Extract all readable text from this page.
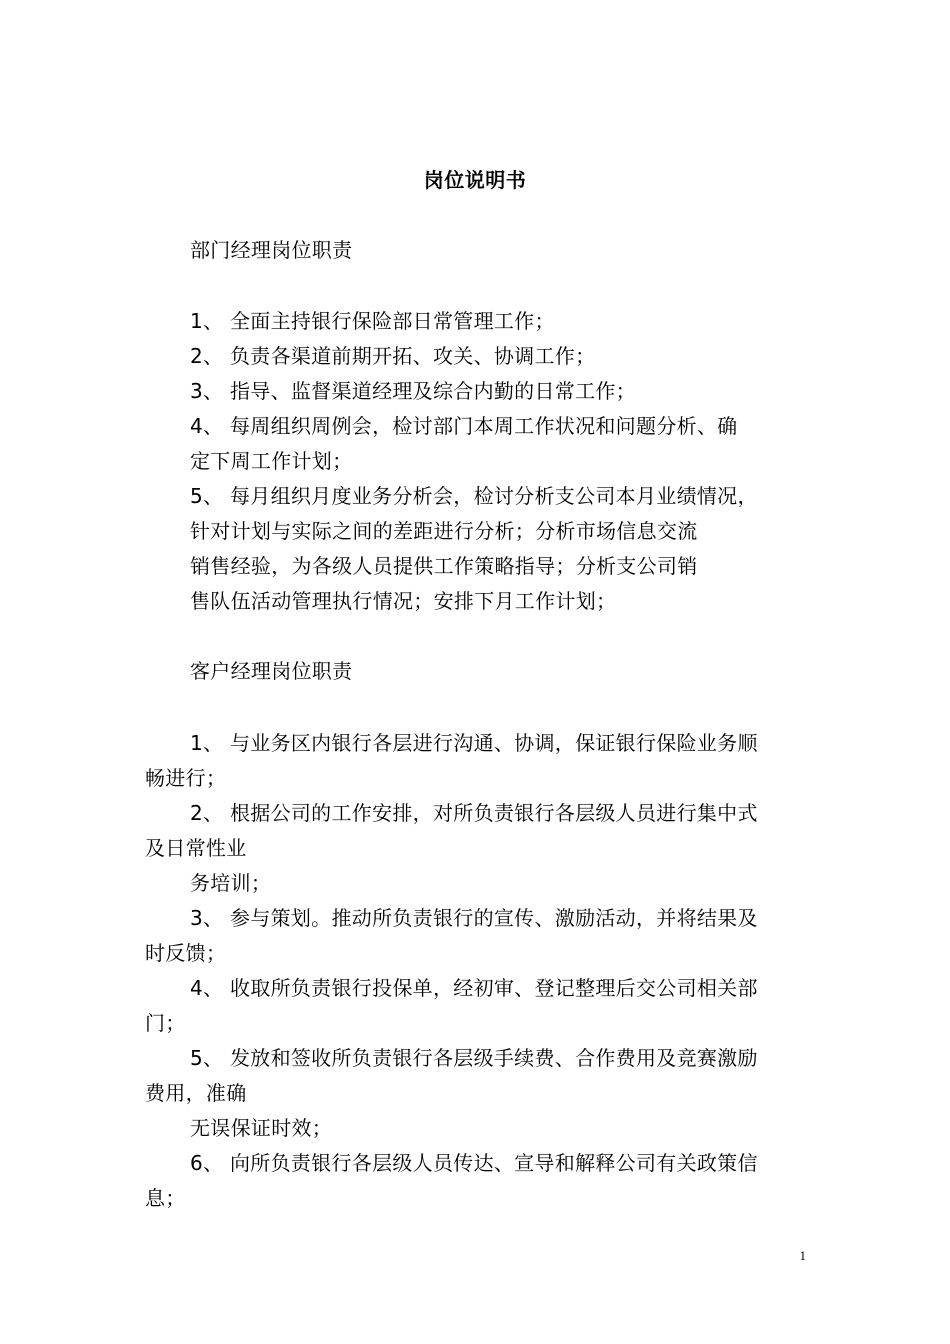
岗位说明书
部门经理岗位职责
1、 全面主持银行保险部日常管理工作；
2、 负责各渠道前期开拓、攻关、协调工作；
3、 指导、监督渠道经理及综合内勤的日常工作；
4、 每周组织周例会，检讨部门本周工作状况和问题分析、确
定下周工作计划；
5、 每月组织月度业务分析会，检讨分析支公司本月业绩情况，
针对计划与实际之间的差距进行分析；分析市场信息交流
销售经验，为各级人员提供工作策略指导；分析支公司销
售队伍活动管理执行情况；安排下月工作计划；
客户经理岗位职责
1、 与业务区内银行各层进行沟通、协调，保证银行保险业务顺
畅进行；
2、 根据公司的工作安排，对所负责银行各层级人员进行集中式
及日常性业
务培训；
3、 参与策划。推动所负责银行的宣传、激励活动，并将结果及
时反馈；
4、 收取所负责银行投保单，经初审、登记整理后交公司相关部
门；
5、 发放和签收所负责银行各层级手续费、合作费用及竞赛激励
费用，准确
无误保证时效；
6、 向所负责银行各层级人员传达、宣导和解释公司有关政策信
息；
1
